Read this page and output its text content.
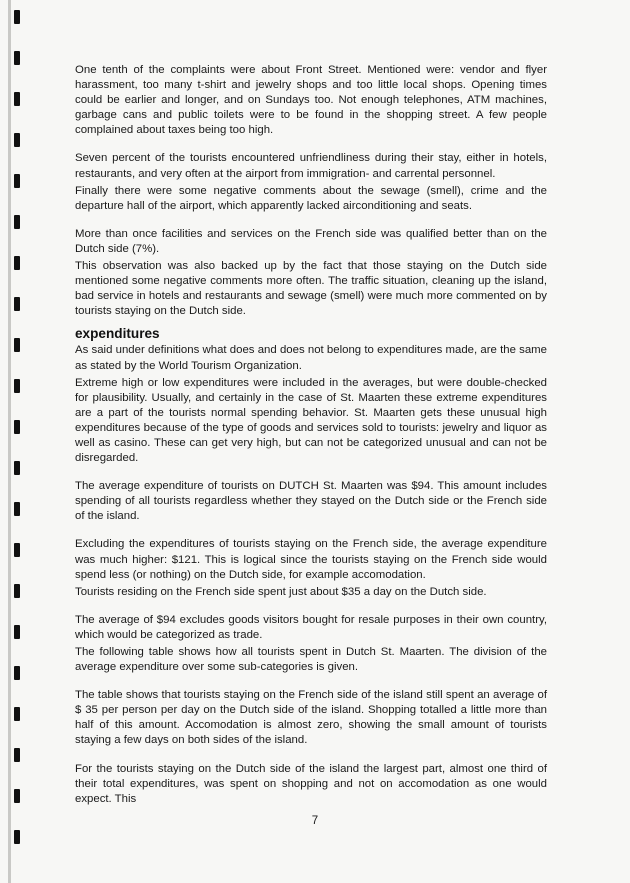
One tenth of the complaints were about Front Street. Mentioned were: vendor and flyer harassment, too many t-shirt and jewelry shops and too little local shops. Opening times could be earlier and longer, and on Sundays too. Not enough telephones, ATM machines, garbage cans and public toilets were to be found in the shopping street. A few people complained about taxes being too high.

Seven percent of the tourists encountered unfriendliness during their stay, either in hotels, restaurants, and very often at the airport from immigration- and carrental personnel.

Finally there were some negative comments about the sewage (smell), crime and the departure hall of the airport, which apparently lacked airconditioning and seats.

More than once facilities and services on the French side was qualified better than on the Dutch side (7%).

This observation was also backed up by the fact that those staying on the Dutch side mentioned some negative comments more often. The traffic situation, cleaning up the island, bad service in hotels and restaurants and sewage (smell) were much more commented on by tourists staying on the Dutch side.

expenditures

As said under definitions what does and does not belong to expenditures made, are the same as stated by the World Tourism Organization.

Extreme high or low expenditures were included in the averages, but were double-checked for plausibility. Usually, and certainly in the case of St. Maarten these extreme expenditures are a part of the tourists normal spending behavior. St. Maarten gets these unusual high expenditures because of the type of goods and services sold to tourists: jewelry and liquor as well as casino. These can get very high, but can not be categorized unusual and can not be disregarded.

The average expenditure of tourists on DUTCH St. Maarten was $94. This amount includes spending of all tourists regardless whether they stayed on the Dutch side or the French side of the island.

Excluding the expenditures of tourists staying on the French side, the average expenditure was much higher: $121. This is logical since the tourists staying on the French side would spend less (or nothing) on the Dutch side, for example accomodation.

Tourists residing on the French side spent just about $35 a day on the Dutch side.

The average of $94 excludes goods visitors bought for resale purposes in their own country, which would be categorized as trade.

The following table shows how all tourists spent in Dutch St. Maarten. The division of the average expenditure over some sub-categories is given.

The table shows that tourists staying on the French side of the island still spent an average of $ 35 per person per day on the Dutch side of the island. Shopping totalled a little more than half of this amount. Accomodation is almost zero, showing the small amount of tourists staying a few days on both sides of the island.

For the tourists staying on the Dutch side of the island the largest part, almost one third of their total expenditures, was spent on shopping and not on accomodation as one would expect. This

7
